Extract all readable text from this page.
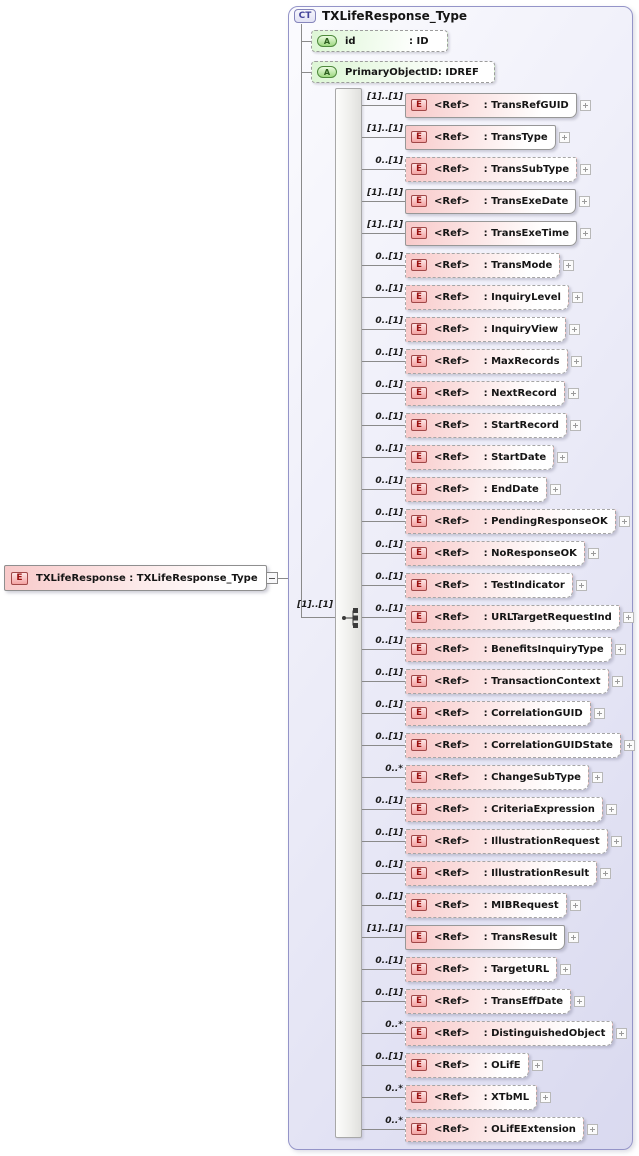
E	TXLifeResponse : TXLifeResponse_Type
CT TXLifeResponse_Type
A	id	: ID
A	PrimaryObjectID : IDREF
[1]..[1]
[1]..[1]
E	<Ref> : TransRefGUID
[1]..[1]
E	<Ref> : TransType
0..[1]
E	<Ref> : TransSubType
[1]..[1]
E	<Ref> : TransExeDate
[1]..[1]
E	<Ref> : TransExeTime
0..[1]
E	<Ref> : TransMode
0..[1]
E	<Ref> : InquiryLevel
0..[1]
E	<Ref> : InquiryView
0..[1]
E	<Ref> : MaxRecords
0..[1]
E	<Ref> : NextRecord
0..[1]
E	<Ref> : StartRecord
0..[1]
E	<Ref> : StartDate
0..[1]
E	<Ref> : EndDate
0..[1]
E	<Ref> : PendingResponseOK
0..[1]
E	<Ref> : NoResponseOK
0..[1]
E	<Ref> : TestIndicator
0..[1]
E	<Ref> : URLTargetRequestInd
0..[1]
E	<Ref> : BenefitsInquiryType
0..[1]
E	<Ref> : TransactionContext
0..[1]
E	<Ref> : CorrelationGUID
0..[1]
E	<Ref> : CorrelationGUIDState
0..*
E	<Ref> : ChangeSubType
0..[1]
E	<Ref> : CriteriaExpression
0..[1]
E	<Ref> : IllustrationRequest
0..[1]
E	<Ref> : IllustrationResult
0..[1]
E	<Ref> : MIBRequest
[1]..[1]
E	<Ref> : TransResult
0..[1]
E	<Ref> : TargetURL
0..[1]
E	<Ref> : TransEffDate
0..*
E	<Ref> : DistinguishedObject
0..[1]
E	<Ref> : OLifE
0..*
E	<Ref> : XTbML
0..*
E	<Ref> : OLifEExtension
